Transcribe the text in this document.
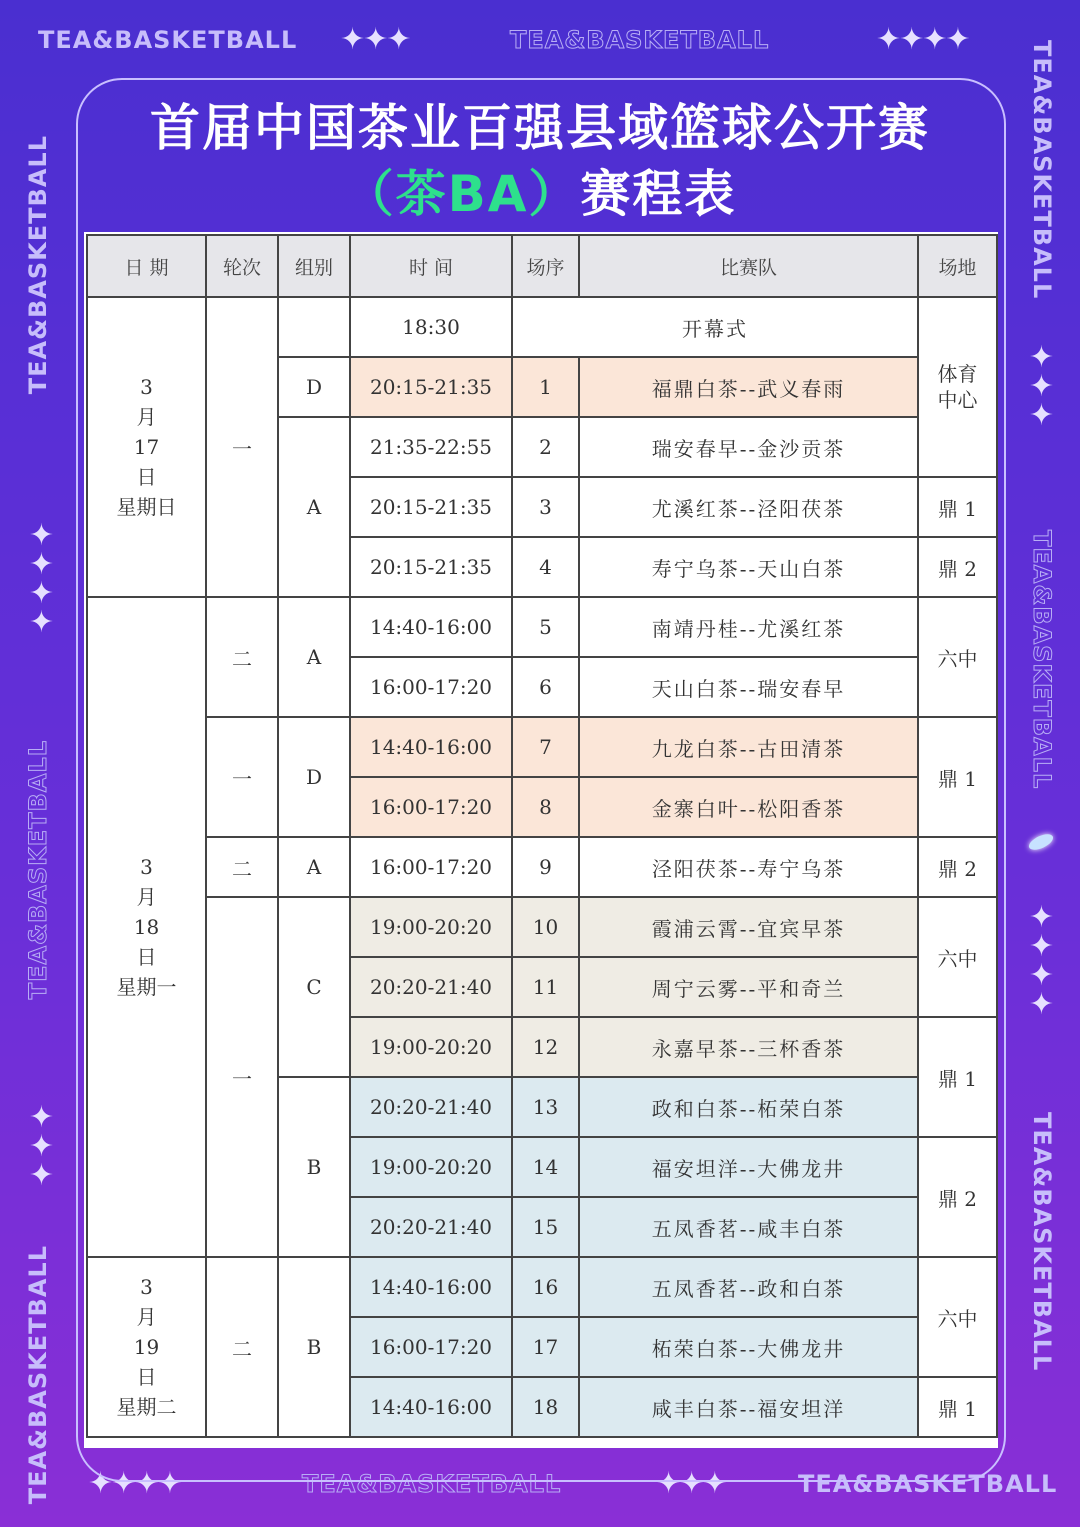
TEA&BASKETBALL ✦✦✦	TEA&BASKETBALL	✦✦✦✦
TEA&BASKETBALL
✦✦✦✦
TEA&BASKETBALL
✦✦✦
TEA&BASKETBALL
TEA&BASKETBALL
✦✦✦
TEA&BASKETBALL
✦✦✦✦
TEA&BASKETBALL
✦✦✦✦	TEA&BASKETBALL	✦✦✦	TEA&BASKETBALL
首届中国茶业百强县域篮球公开赛
（茶BA）赛程表
日 期	轮次	组别	时 间	场序	比赛队	场地

3
月
17
日
星期日	一		18:30	开幕式		体育中心

		D	20:15-21:35	1	福鼎白茶--武义春雨	
		A	21:35-22:55	2	瑞安春早--金沙贡茶	
			20:15-21:35	3	尤溪红茶--泾阳茯茶	鼎 1
			20:15-21:35	4	寿宁乌茶--天山白茶	鼎 2

3
月
18
日
星期一	二	A	14:40-16:00	5	南靖丹桂--尤溪红茶	六中
			16:00-17:20	6	天山白茶--瑞安春早	
	一	D	14:40-16:00	7	九龙白茶--古田清茶	鼎 1
			16:00-17:20	8	金寨白叶--松阳香茶	
	二	A	16:00-17:20	9	泾阳茯茶--寿宁乌茶	鼎 2
	一	C	19:00-20:20	10	霞浦云霄--宜宾早茶	六中
			20:20-21:40	11	周宁云雾--平和奇兰	
			19:00-20:20	12	永嘉早茶--三杯香茶	鼎 1
		B	20:20-21:40	13	政和白茶--柘荣白茶	
			19:00-20:20	14	福安坦洋--大佛龙井	鼎 2
			20:20-21:40	15	五凤香茗--咸丰白茶	

3
月
19
日
星期二	二	B	14:40-16:00	16	五凤香茗--政和白茶	六中
			16:00-17:20	17	柘荣白茶--大佛龙井	
			14:40-16:00	18	咸丰白茶--福安坦洋	鼎 1
